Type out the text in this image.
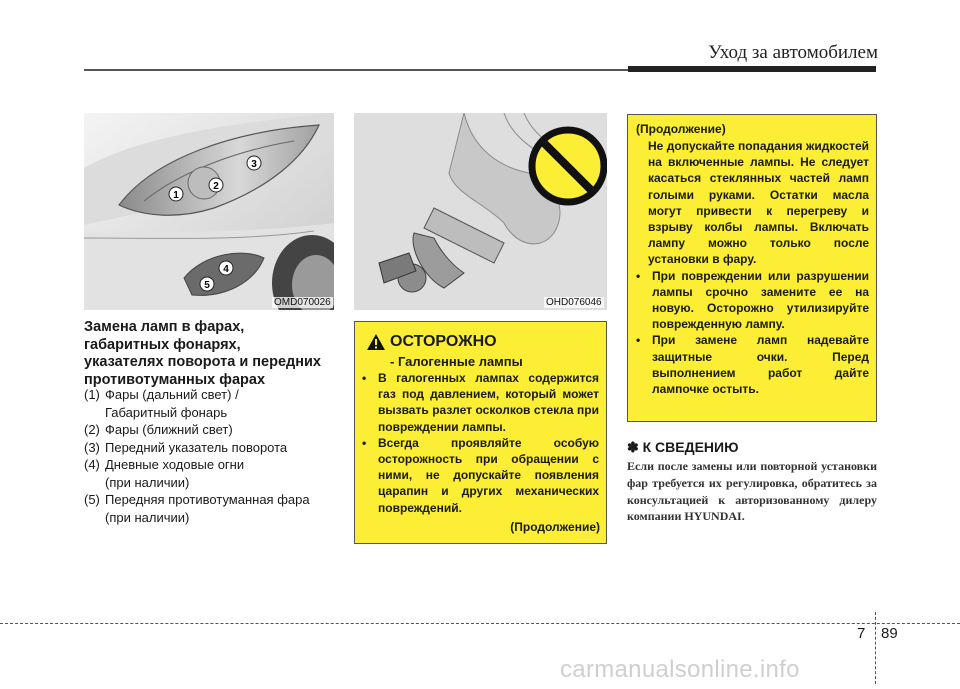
Уход за автомобилем
1
2
3
4
5
OMD070026	OHD076046
Замена ламп в фарах,
габаритных фонарях,
указателях поворота и передних
противотуманных фарах
(1) Фары (дальний свет) /
Габаритный фонарь
(2) Фары (ближний свет)
(3) Передний указатель поворота
(4) Дневные ходовые огни
(при наличии)
(5) Передняя противотуманная фара
(при наличии)
ОСТОРОЖНО
- Галогенные лампы
• В галогенных лампах содержится газ под давлением, который может вызвать разлет осколков стекла при повреждении лампы.
• Всегда проявляйте особую осторожность при обращении с ними, не допускайте появления царапин и других механических повреждений.
(Продолжение)
(Продолжение)
Не допускайте попадания жидкостей на включенные лампы. Не следует касаться стеклянных частей ламп голыми руками. Остатки масла могут привести к перегреву и взрыву колбы лампы. Включать лампу можно только после установки в фару.
• При повреждении или разрушении лампы срочно замените ее на новую. Осторожно утилизируйте поврежденную лампу.
• При замене ламп надевайте защитные очки. Перед выполнением работ дайте лампочке остыть.
✽ К СВЕДЕНИЮ
Если после замены или повторной установки фар требуется их регулировка, обратитесь за консультацией к авторизованному дилеру компании HYUNDAI.
7 89
carmanualsonline.info
